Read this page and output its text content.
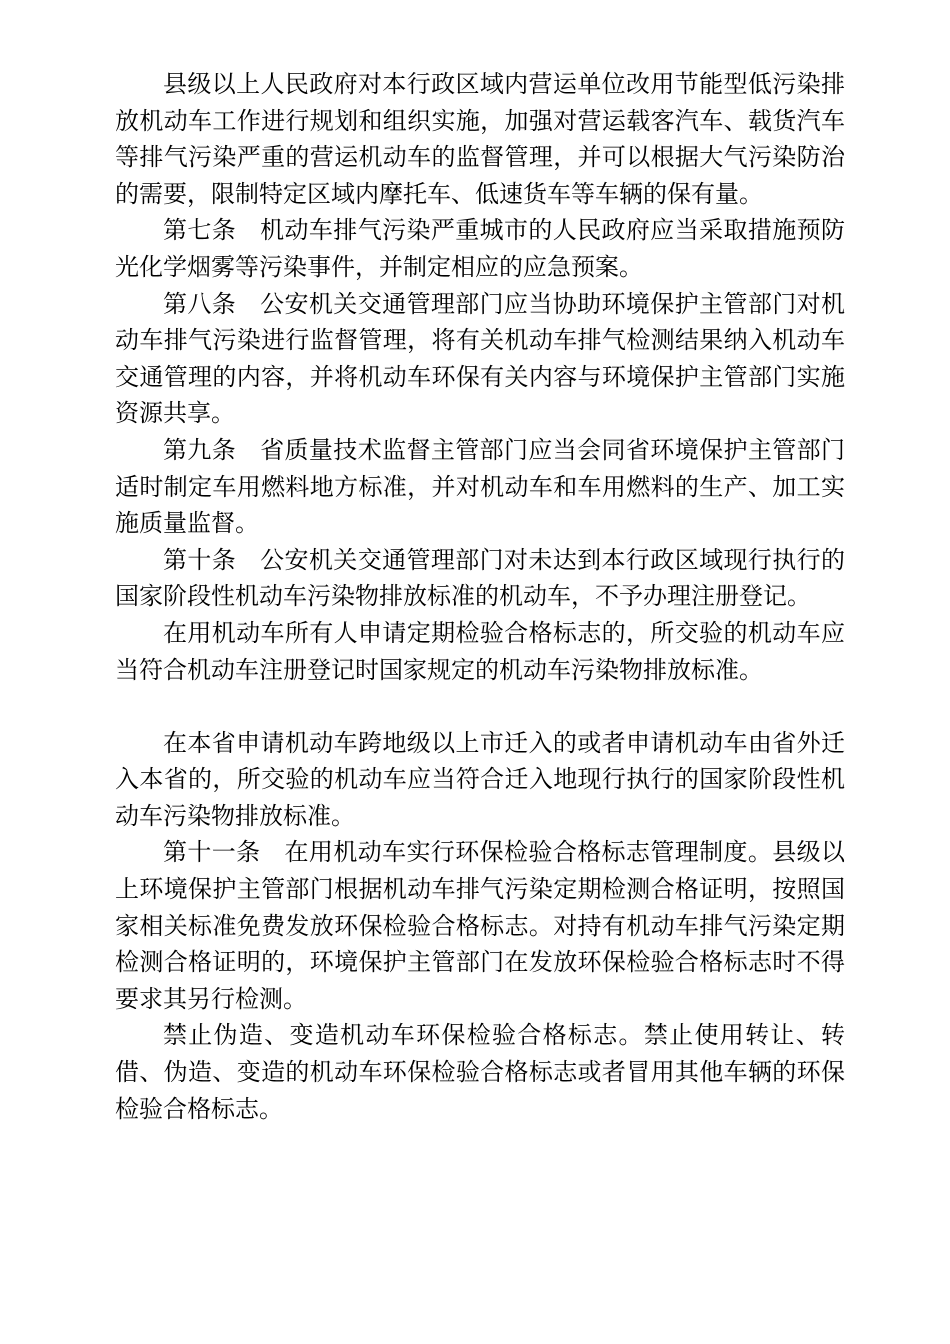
县级以上人民政府对本行政区域内营运单位改用节能型低污染排放机动车工作进行规划和组织实施，加强对营运载客汽车、载货汽车等排气污染严重的营运机动车的监督管理，并可以根据大气污染防治的需要，限制特定区域内摩托车、低速货车等车辆的保有量。

第七条 机动车排气污染严重城市的人民政府应当采取措施预防光化学烟雾等污染事件，并制定相应的应急预案。

第八条 公安机关交通管理部门应当协助环境保护主管部门对机动车排气污染进行监督管理，将有关机动车排气检测结果纳入机动车交通管理的内容，并将机动车环保有关内容与环境保护主管部门实施资源共享。

第九条 省质量技术监督主管部门应当会同省环境保护主管部门适时制定车用燃料地方标准，并对机动车和车用燃料的生产、加工实施质量监督。

第十条 公安机关交通管理部门对未达到本行政区域现行执行的国家阶段性机动车污染物排放标准的机动车，不予办理注册登记。

在用机动车所有人申请定期检验合格标志的，所交验的机动车应当符合机动车注册登记时国家规定的机动车污染物排放标准。

在本省申请机动车跨地级以上市迁入的或者申请机动车由省外迁入本省的，所交验的机动车应当符合迁入地现行执行的国家阶段性机动车污染物排放标准。

第十一条 在用机动车实行环保检验合格标志管理制度。县级以上环境保护主管部门根据机动车排气污染定期检测合格证明，按照国家相关标准免费发放环保检验合格标志。对持有机动车排气污染定期检测合格证明的，环境保护主管部门在发放环保检验合格标志时不得要求其另行检测。

禁止伪造、变造机动车环保检验合格标志。禁止使用转让、转借、伪造、变造的机动车环保检验合格标志或者冒用其他车辆的环保检验合格标志。
